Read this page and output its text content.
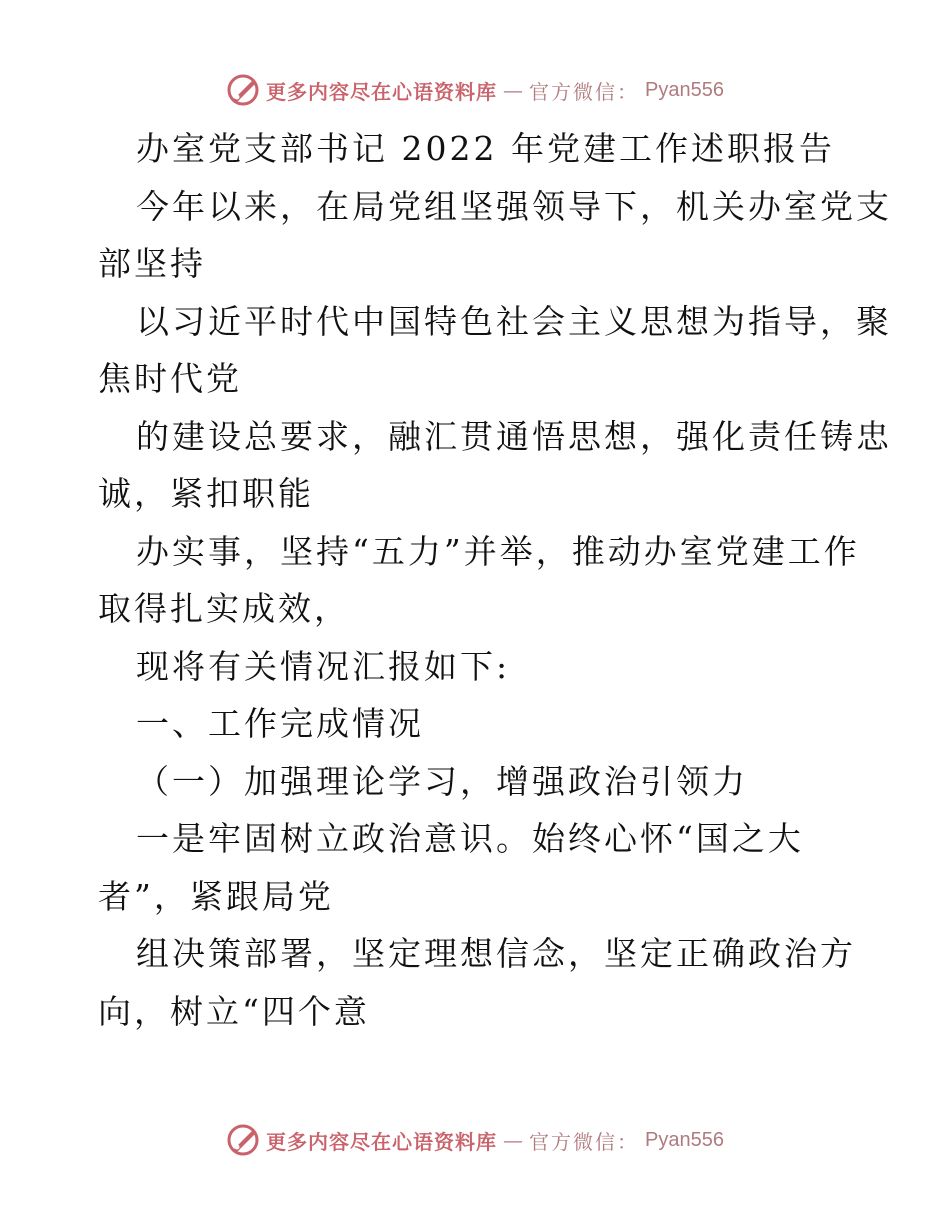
更多内容尽在心语资料库 — 官方微信： Pyan556
办室党支部书记 2022 年党建工作述职报告
今年以来，在局党组坚强领导下，机关办室党支
部坚持
以习近平时代中国特色社会主义思想为指导，聚
焦时代党
的建设总要求，融汇贯通悟思想，强化责任铸忠
诚，紧扣职能
办实事，坚持“五力”并举，推动办室党建工作
取得扎实成效，
现将有关情况汇报如下:
一、工作完成情况
（一）加强理论学习，增强政治引领力
一是牢固树立政治意识。始终心怀“国之大
者”，紧跟局党
组决策部署，坚定理想信念，坚定正确政治方
向，树立“四个意
更多内容尽在心语资料库 — 官方微信： Pyan556
